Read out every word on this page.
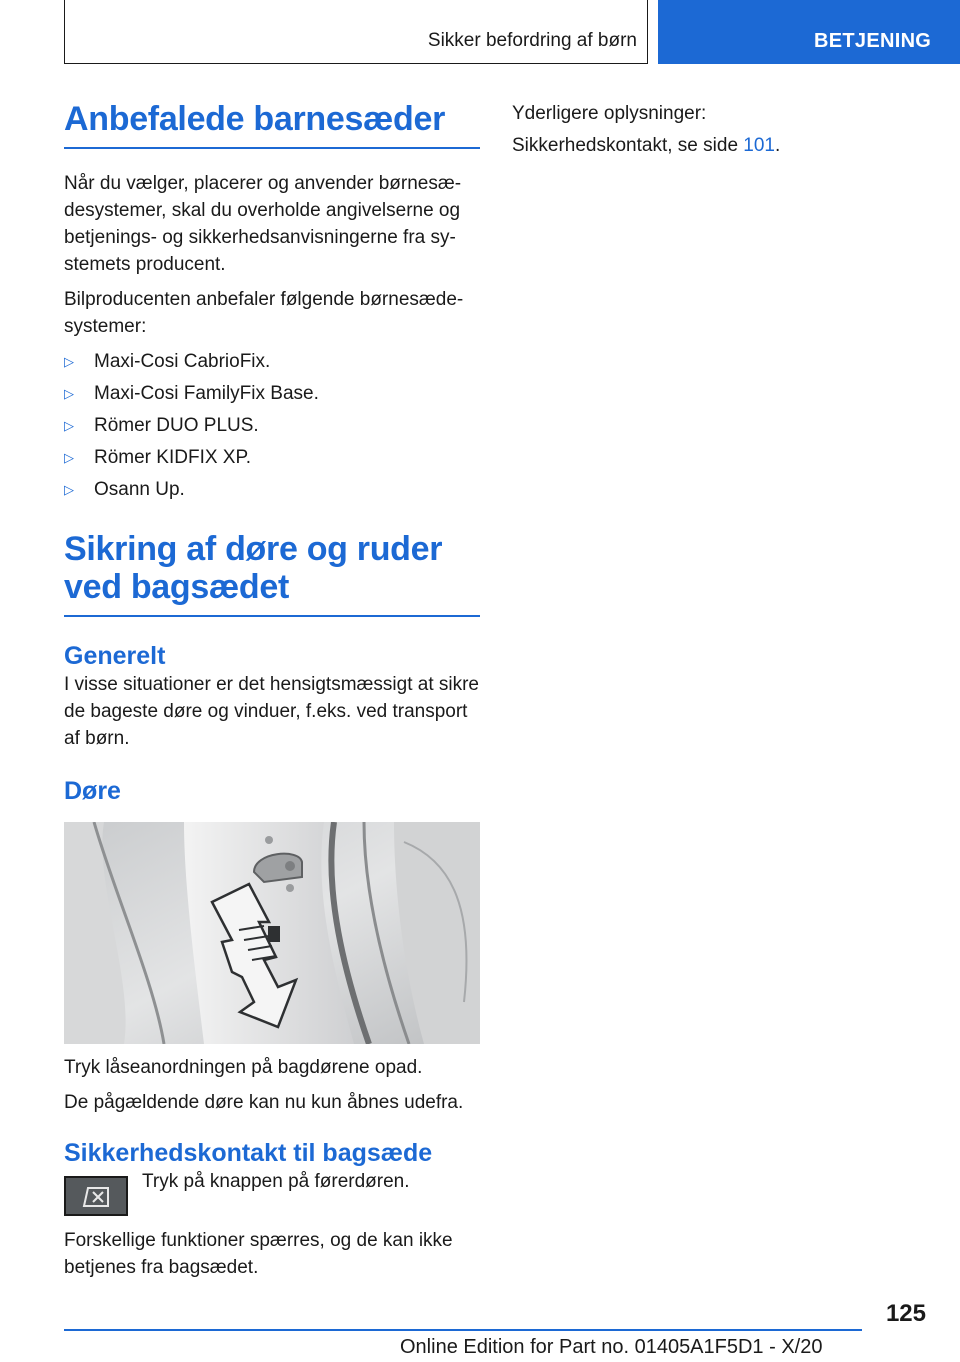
Sikker befordring af børn	BETJENING
Anbefalede barnesæder

Når du vælger, placerer og anvender børnesæ-desystemer, skal du overholde angivelserne og betjenings- og sikkerhedsanvisningerne fra sy-stemets producent.

Bilproducenten anbefaler følgende børnesæde-systemer:

▷ Maxi-Cosi CabrioFix.
▷ Maxi-Cosi FamilyFix Base.
▷ Römer DUO PLUS.
▷ Römer KIDFIX XP.
▷ Osann Up.
Sikring af døre og ruder ved bagsædet
Generelt

I visse situationer er det hensigtsmæssigt at sikre de bageste døre og vinduer, f.eks. ved transport af børn.

Døre

Tryk låseanordningen på bagdørene opad.

De pågældende døre kan nu kun åbnes udefra.

Sikkerhedskontakt til bagsæde
Tryk på knappen på førerdøren.

Forskellige funktioner spærres, og de kan ikke betjenes fra bagsædet.

Yderligere oplysninger:

Sikkerhedskontakt, se side 101.

125
Online Edition for Part no. 01405A1F5D1 - X/20
